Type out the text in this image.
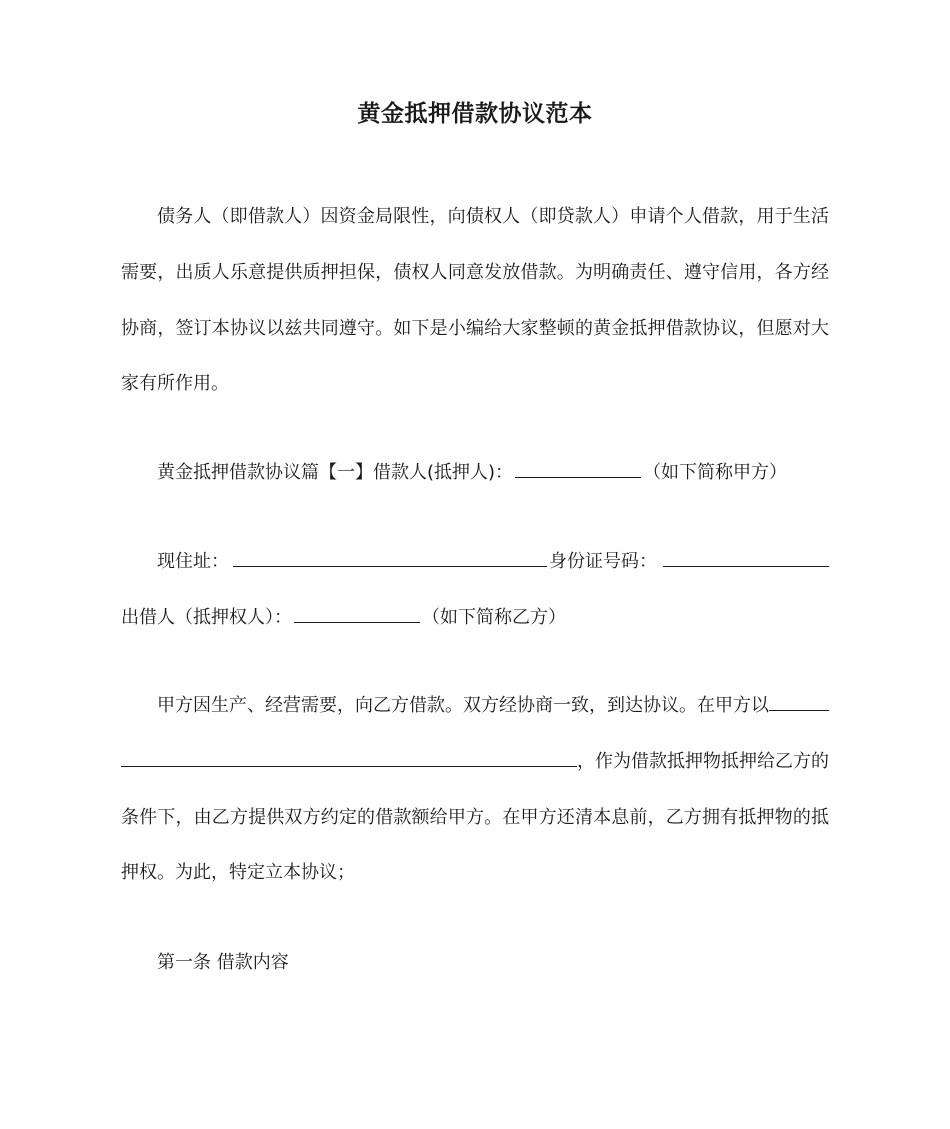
黄金抵押借款协议范本
债务人（即借款人）因资金局限性，向债权人（即贷款人）申请个人借款，用于生活
需要，出质人乐意提供质押担保，债权人同意发放借款。为明确责任、遵守信用，各方经
协商，签订本协议以兹共同遵守。如下是小编给大家整顿的黄金抵押借款协议，但愿对大
家有所作用。
黄金抵押借款协议篇【一】借款人(抵押人)：	（如下简称甲方）
现住址：	身份证号码：
出借人（抵押权人）：	（如下简称乙方）
甲方因生产、经营需要，向乙方借款。双方经协商一致，到达协议。在甲方以
，作为借款抵押物抵押给乙方的
条件下，由乙方提供双方约定的借款额给甲方。在甲方还清本息前，乙方拥有抵押物的抵
押权。为此，特定立本协议；
第一条 借款内容
